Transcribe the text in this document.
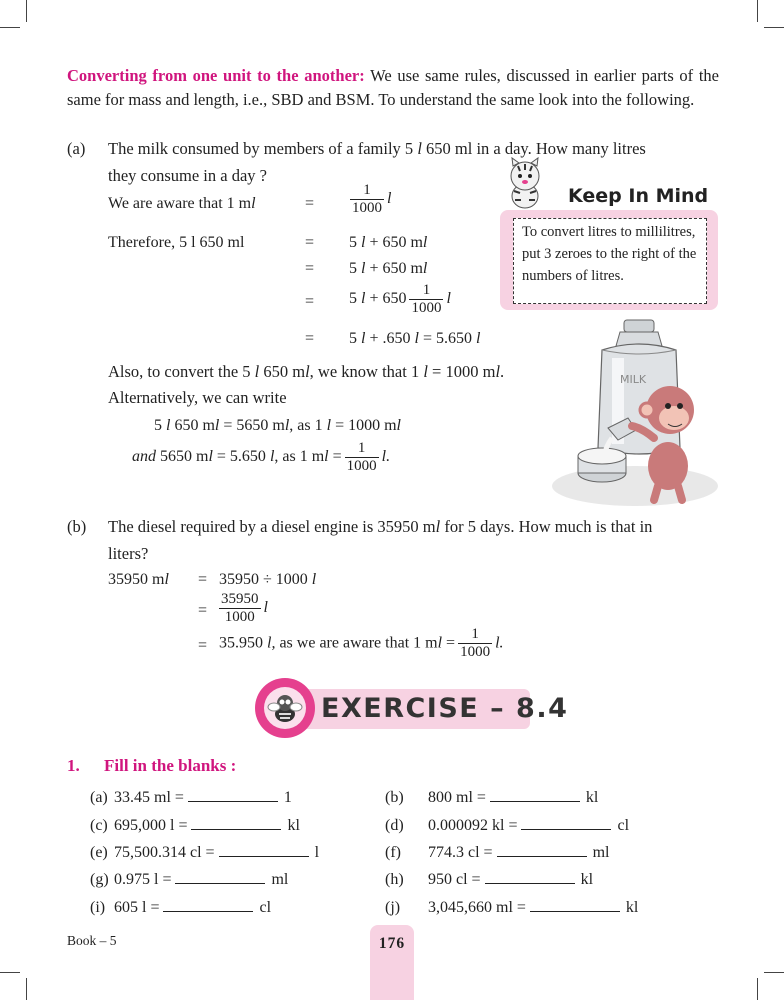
Converting from one unit to the another: We use same rules, discussed in earlier parts of the same for mass and length, i.e., SBD and BSM. To understand the same look into the following.
(a) The milk consumed by members of a family 5 l 650 ml in a day. How many litres
they consume in a day ?
We are aware that 1 ml	= $\frac{1}{1000}$ l
Therefore, 5 l 650 ml	= 5 l + 650 ml
= 5 l + 650 ml
= 5 $l + 650 \frac{1}{1000}$ l
= 5 l + .650 l = 5.650 l
Also, to convert the 5 l 650 ml, we know that 1 l = 1000 ml.
Alternatively, we can write
5 l 650 ml = 5650 ml, as 1 l = 1000 ml
and 5650 ml = 5.650 l, as 1 ml = $\frac{1}{1000} l$.
Keep In Mind
To convert litres to millilitres, put 3 zeroes to the right of the numbers of litres.
MILK
(b) The diesel required by a diesel engine is 35950 ml for 5 days. How much is that in
liters?
35950 ml = 35950 ÷ 1000 l
= $\frac{35950}{1000}$ l
= 35.950 l, as we are aware that 1 ml = $\frac{1}{1000} l$.
EXERCISE – 8.4
1. Fill in the blanks :
(a) 33.45 ml =	1	(b) 800 ml =	kl
(c) 695,000 l =	kl	(d) 0.000092 kl =	cl
(e) 75,500.314 cl =	l	(f) 774.3 cl =	ml
(g) 0.975 l =	ml	(h) 950 cl =	kl
(i) 605 l =	cl	(j) 3,045,660 ml =	kl
Book – 5	176
